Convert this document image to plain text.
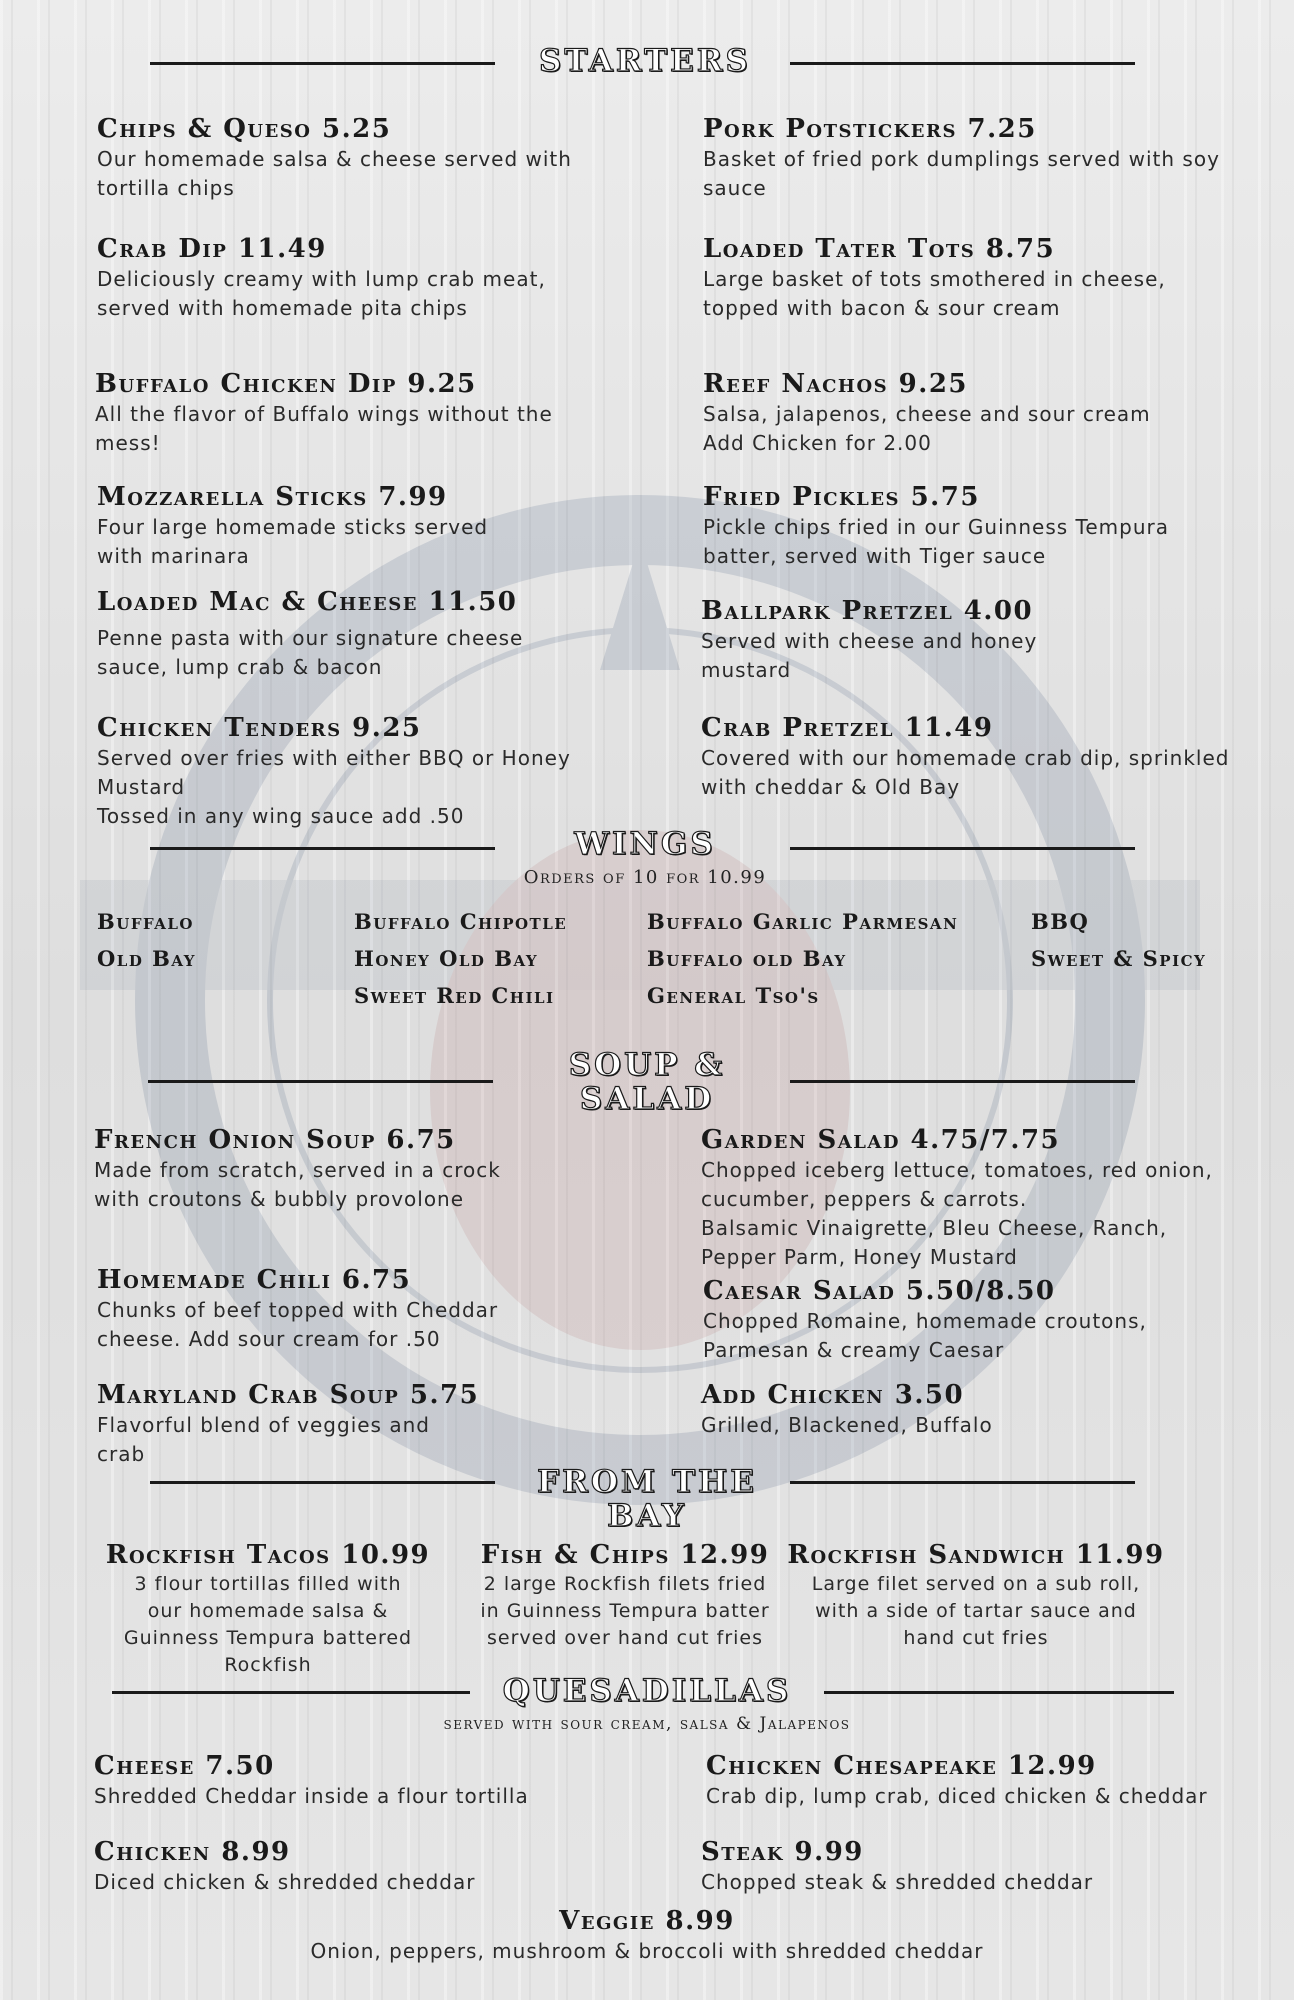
STARTERS
Chips & Queso 5.25
Our homemade salsa & cheese served with
tortilla chips
Pork Potstickers 7.25
Basket of fried pork dumplings served with soy
sauce
Crab Dip 11.49
Deliciously creamy with lump crab meat,
served with homemade pita chips
Loaded Tater Tots 8.75
Large basket of tots smothered in cheese,
topped with bacon & sour cream
Buffalo Chicken Dip 9.25
All the flavor of Buffalo wings without the
mess!
Reef Nachos 9.25
Salsa, jalapenos, cheese and sour cream
Add Chicken for 2.00
Mozzarella Sticks 7.99
Four large homemade sticks served
with marinara
Fried Pickles 5.75
Pickle chips fried in our Guinness Tempura
batter, served with Tiger sauce
Loaded Mac & Cheese 11.50
Penne pasta with our signature cheese
sauce, lump crab & bacon
Ballpark Pretzel 4.00
Served with cheese and honey
mustard
Chicken Tenders 9.25
Served over fries with either BBQ or Honey
Mustard
Tossed in any wing sauce add .50
Crab Pretzel 11.49
Covered with our homemade crab dip, sprinkled
with cheddar & Old Bay
WINGS
Orders of 10 for 10.99
Buffalo
Old Bay
Buffalo Chipotle
Honey Old Bay
Sweet Red Chili
Buffalo Garlic Parmesan
Buffalo old Bay
General Tso's
BBQ
Sweet & Spicy
SOUP &
SALAD
French Onion Soup 6.75
Made from scratch, served in a crock
with croutons & bubbly provolone
Garden Salad 4.75/7.75
Chopped iceberg lettuce, tomatoes, red onion,
cucumber, peppers & carrots.
Balsamic Vinaigrette, Bleu Cheese, Ranch,
Pepper Parm, Honey Mustard
Homemade Chili 6.75
Chunks of beef topped with Cheddar
cheese. Add sour cream for .50
Caesar Salad 5.50/8.50
Chopped Romaine, homemade croutons,
Parmesan & creamy Caesar
Maryland Crab Soup 5.75
Flavorful blend of veggies and
crab
Add Chicken 3.50
Grilled, Blackened, Buffalo
FROM THE
BAY
Rockfish Tacos 10.99
3 flour tortillas filled with
our homemade salsa &
Guinness Tempura battered
Rockfish
Fish & Chips 12.99
2 large Rockfish filets fried
in Guinness Tempura batter
served over hand cut fries
Rockfish Sandwich 11.99
Large filet served on a sub roll,
with a side of tartar sauce and
hand cut fries
QUESADILLAS
served with sour cream, salsa & Jalapenos
Cheese 7.50
Shredded Cheddar inside a flour tortilla
Chicken Chesapeake 12.99
Crab dip, lump crab, diced chicken & cheddar
Chicken 8.99
Diced chicken & shredded cheddar
Steak 9.99
Chopped steak & shredded cheddar
Veggie 8.99
Onion, peppers, mushroom & broccoli with shredded cheddar
